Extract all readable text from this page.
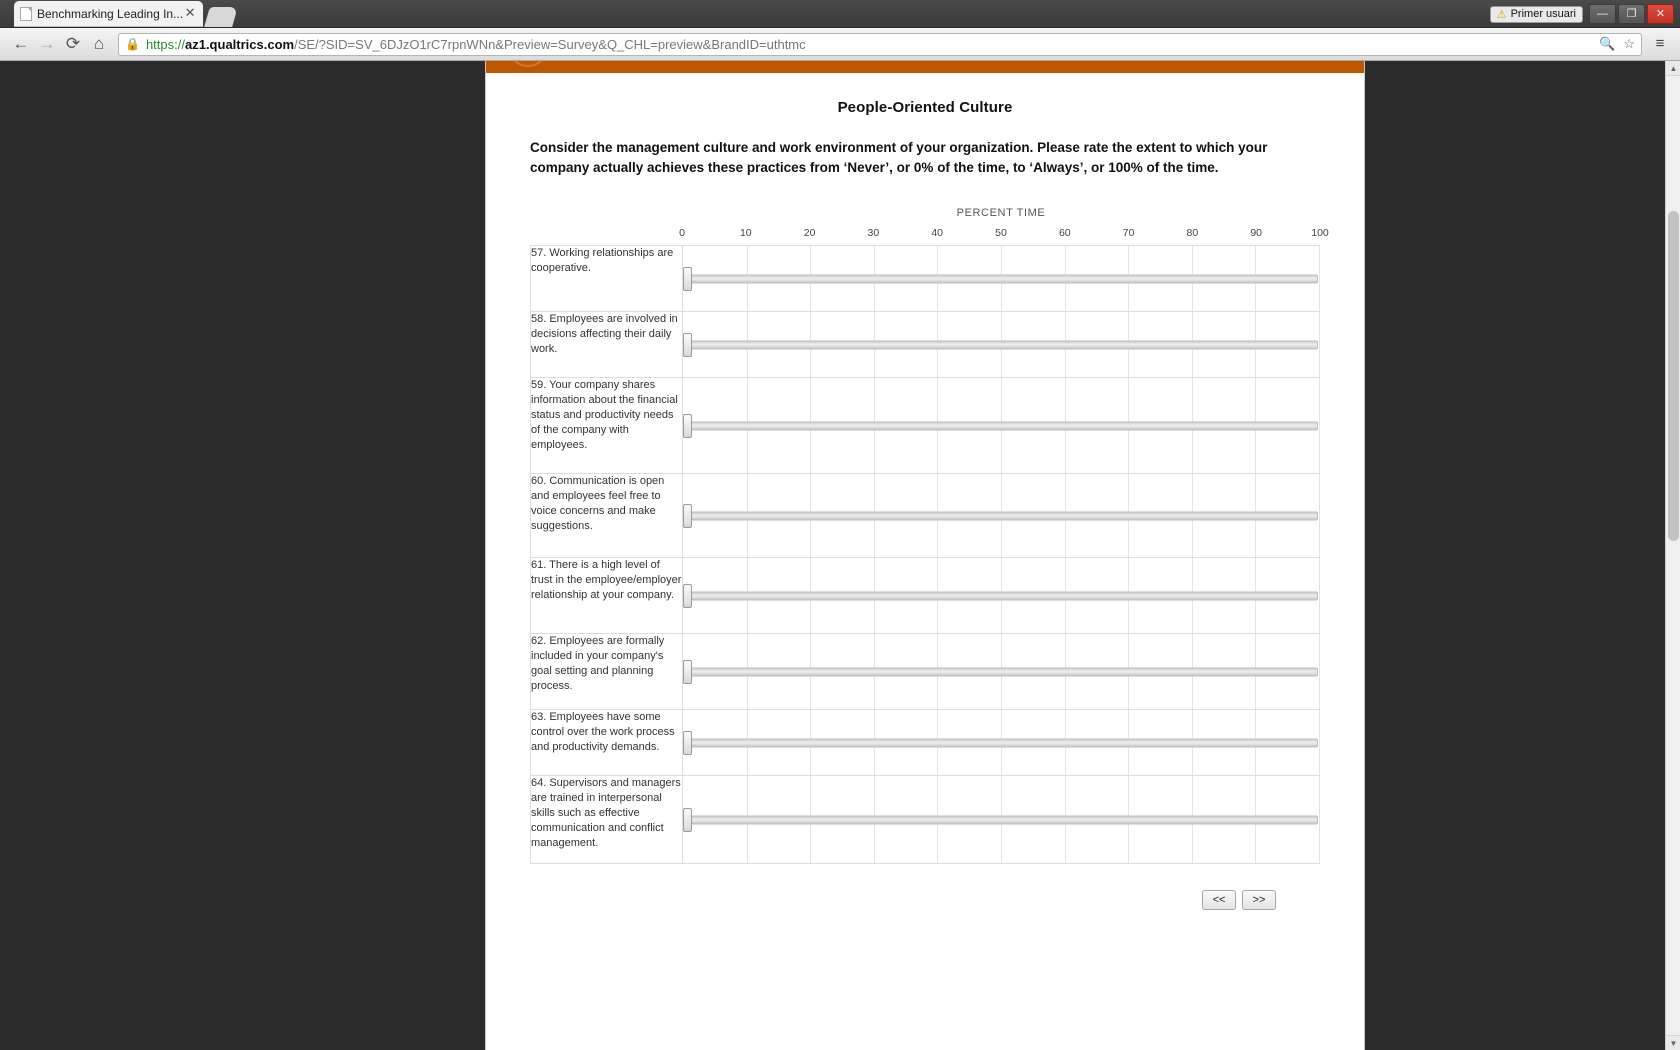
Benchmarking Leading In... ✕	⚠ Primer usuari	—	❐	✕
← → ⟳ ⌂	🔒 https://az1.qualtrics.com/SE/?SID=SV_6DJzO1rC7rpnWNn&Preview=Survey&Q_CHL=preview&BrandID=uthtmc	🔍 ☆	≡
People-Oriented Culture

Consider the management culture and work environment of your organization. Please rate the extent to which your company actually achieves these practices from ‘Never’, or 0% of the time, to ‘Always’, or 100% of the time.

PERCENT TIME
0	10	20	30	40	50	60	70	80	90	100
57. Working relationships are cooperative.	

58. Employees are involved in decisions affecting their daily work.	

59. Your company shares information about the financial status and productivity needs of the company with employees.	

60. Communication is open and employees feel free to voice concerns and make suggestions.	

61. There is a high level of trust in the employee/employer relationship at your company.	

62. Employees are formally included in your company's goal setting and planning process.	

63. Employees have some control over the work process and productivity demands.	

64. Supervisors and managers are trained in interpersonal skills such as effective communication and conflict management.	
<<	>>
▲
▼
